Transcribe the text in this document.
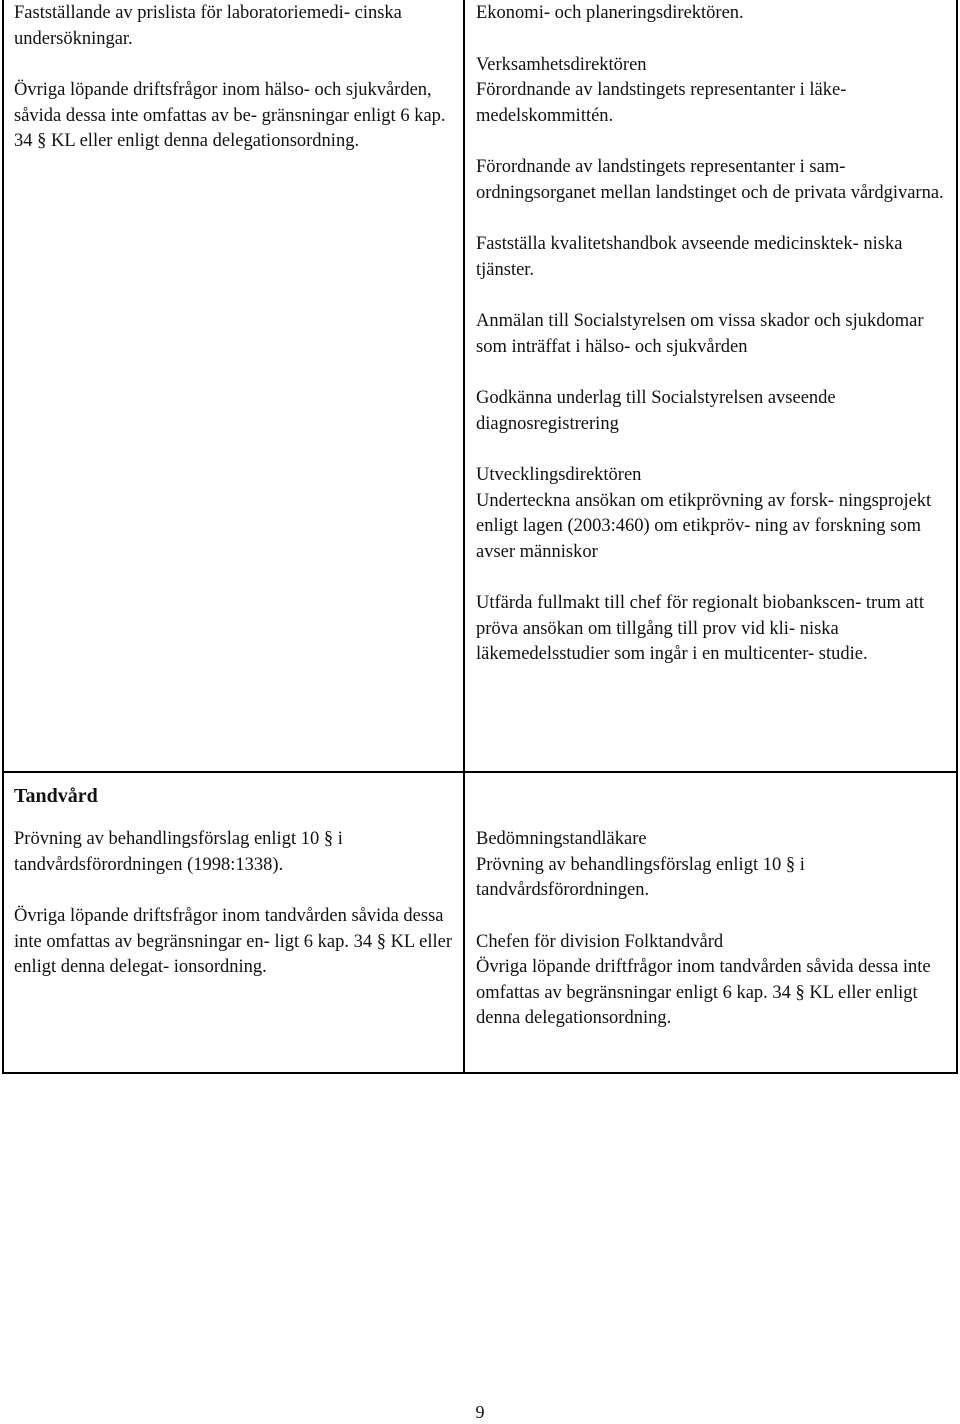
Fastställande av prislista för laboratoriemedi- cinska undersökningar.

Övriga löpande driftsfrågor inom hälso- och sjukvården, såvida dessa inte omfattas av be- gränsningar enligt 6 kap. 34 § KL eller enligt denna delegationsordning.

Ekonomi- och planeringsdirektören.

Verksamhetsdirektören

Förordnande av landstingets representanter i läke- medelskommittén.

Förordnande av landstingets representanter i sam- ordningsorganet mellan landstinget och de privata vårdgivarna.

Fastställa kvalitetshandbok avseende medicinsktek- niska tjänster.

Anmälan till Socialstyrelsen om vissa skador och sjukdomar som inträffat i hälso- och sjukvården

Godkänna underlag till Socialstyrelsen avseende diagnosregistrering

Utvecklingsdirektören

Underteckna ansökan om etikprövning av forsk- ningsprojekt enligt lagen (2003:460) om etikpröv- ning av forskning som avser människor

Utfärda fullmakt till chef för regionalt biobankscen- trum att pröva ansökan om tillgång till prov vid kli- niska läkemedelsstudier som ingår i en multicenter- studie.

Tandvård

Prövning av behandlingsförslag enligt 10 § i tandvårdsförordningen (1998:1338).

Övriga löpande driftsfrågor inom tandvården såvida dessa inte omfattas av begränsningar en- ligt 6 kap. 34 § KL eller enligt denna delegat- ionsordning.

Bedömningstandläkare

Prövning av behandlingsförslag enligt 10 § i tandvårdsförordningen.

Chefen för division Folktandvård

Övriga löpande driftfrågor inom tandvården såvida dessa inte omfattas av begränsningar enligt 6 kap. 34 § KL eller enligt denna delegationsordning.

9
